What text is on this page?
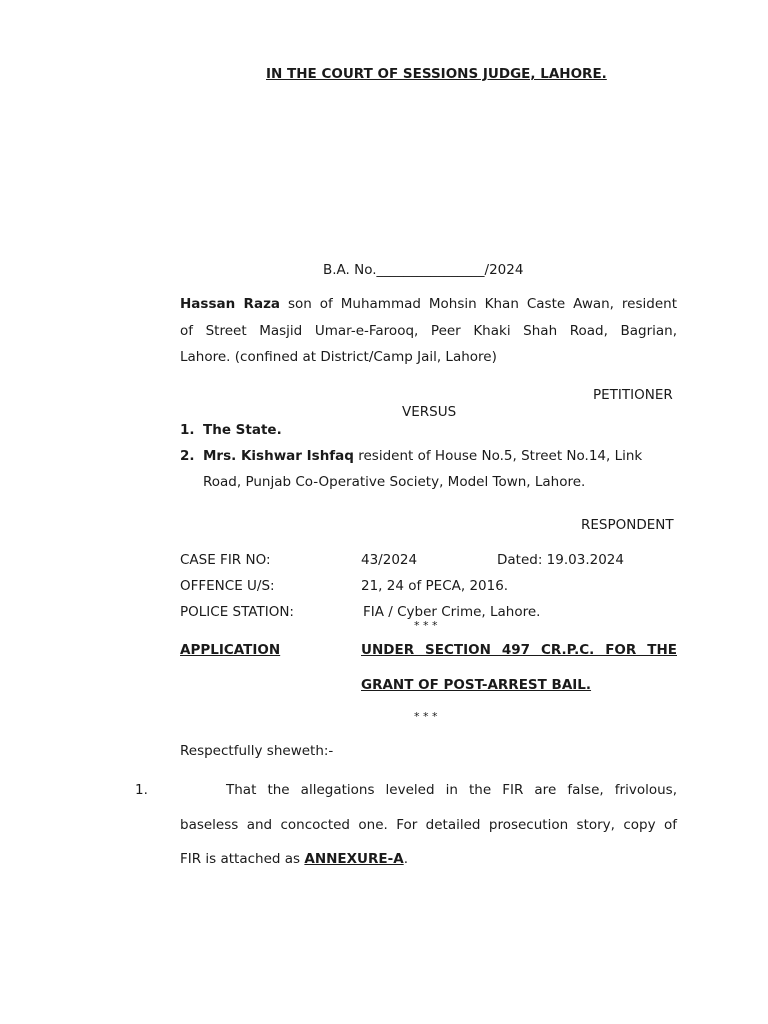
IN THE COURT OF SESSIONS JUDGE, LAHORE.
B.A. No.________________/2024
Hassan Raza son of Muhammad Mohsin Khan Caste Awan, resident
of Street Masjid Umar-e-Farooq, Peer Khaki Shah Road, Bagrian,
Lahore. (confined at District/Camp Jail, Lahore)
PETITIONER
VERSUS
1. The State.
2. Mrs. Kishwar Ishfaq resident of House No.5, Street No.14, Link
Road, Punjab Co-Operative Society, Model Town, Lahore.
RESPONDENT
CASE FIR NO:	43/2024	Dated: 19.03.2024
OFFENCE U/S:	21, 24 of PECA, 2016.
POLICE STATION:	FIA / Cyber Crime, Lahore.
* * *
APPLICATION	UNDER SECTION 497 CR.P.C. FOR THE
GRANT OF POST-ARREST BAIL.
* * *
Respectfully sheweth:-
1.	That the allegations leveled in the FIR are false, frivolous,
baseless and concocted one. For detailed prosecution story, copy of
FIR is attached as ANNEXURE-A.
